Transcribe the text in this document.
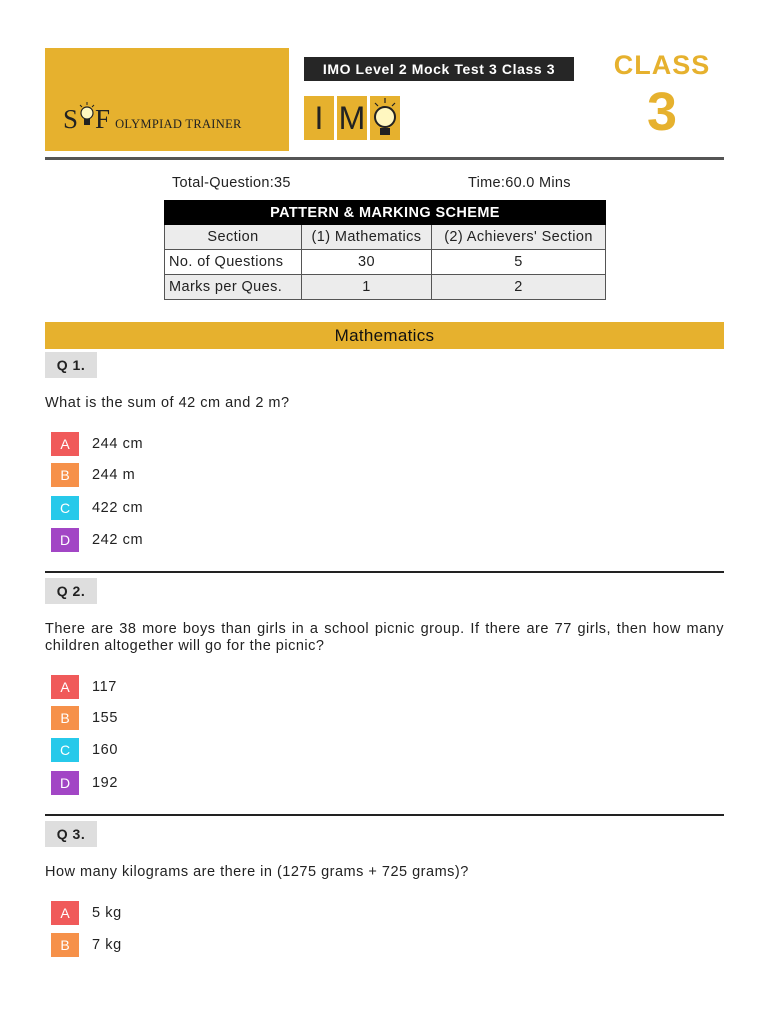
S F OLYMPIAD TRAINER
IMO Level 2 Mock Test 3 Class 3
I M
CLASS
3
Total-Question:35	Time:60.0 Mins
PATTERN & MARKING SCHEME		
Section	(1) Mathematics	(2) Achievers' Section
No. of Questions	30	5
Marks per Ques.	1	2
Mathematics
Q 1.
What is the sum of 42 cm and 2 m?
A	244 cm
B	244 m
C	422 cm
D	242 cm
Q 2.
There are 38 more boys than girls in a school picnic group. If there are 77 girls, then how many children altogether will go for the picnic?
A	117
B	155
C	160
D	192
Q 3.
How many kilograms are there in (1275 grams + 725 grams)?
A	5 kg
B	7 kg
